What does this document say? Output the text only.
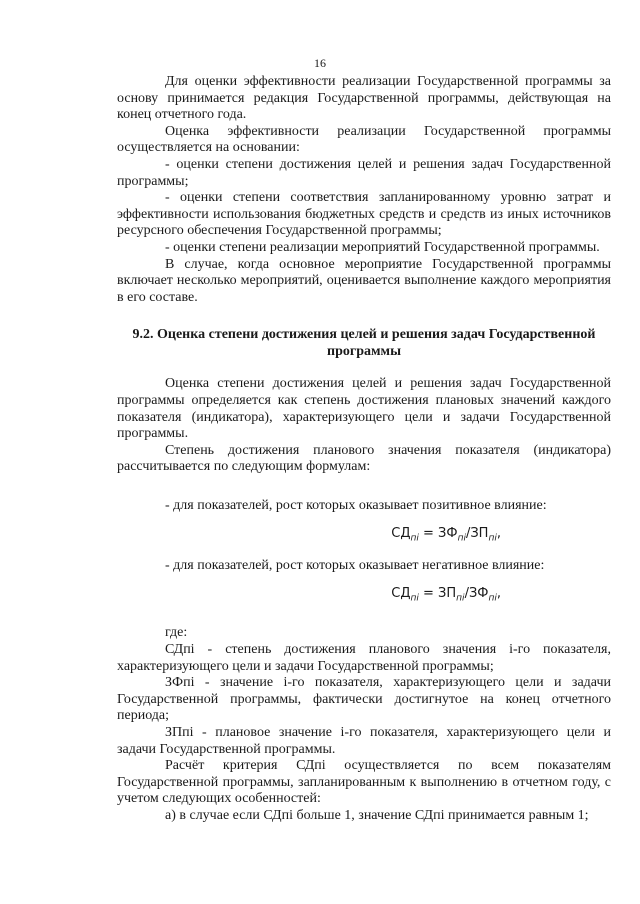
16

Для оценки эффективности реализации Государственной программы за основу принимается редакция Государственной программы, действующая на конец отчетного года.

Оценка эффективности реализации Государственной программы осуществляется на основании:

- оценки степени достижения целей и решения задач Государственной программы;

- оценки степени соответствия запланированному уровню затрат и эффективности использования бюджетных средств и средств из иных источников ресурсного обеспечения Государственной программы;

- оценки степени реализации мероприятий Государственной программы.

В случае, когда основное мероприятие Государственной программы включает несколько мероприятий, оценивается выполнение каждого мероприятия в его составе.

9.2. Оценка степени достижения целей и решения задач Государственной программы

Оценка степени достижения целей и решения задач Государственной программы определяется как степень достижения плановых значений каждого показателя (индикатора), характеризующего цели и задачи Государственной программы.

Степень достижения планового значения показателя (индикатора) рассчитывается по следующим формулам:

- для показателей, рост которых оказывает позитивное влияние:

$СД_{пi} = ЗФ_{пi}/ЗП_{пi}$,

- для показателей, рост которых оказывает негативное влияние:

$СД_{пi} = ЗП_{пi}/ЗФ_{пi}$,

где:

СДпi - степень достижения планового значения i-го показателя, характеризующего цели и задачи Государственной программы;

ЗФпi - значение i-го показателя, характеризующего цели и задачи Государственной программы, фактически достигнутое на конец отчетного периода;

ЗПпi - плановое значение i-го показателя, характеризующего цели и задачи Государственной программы.

Расчёт критерия СДпi осуществляется по всем показателям Государственной программы, запланированным к выполнению в отчетном году, с учетом следующих особенностей:

а) в случае если СДпi больше 1, значение СДпi принимается равным 1;
